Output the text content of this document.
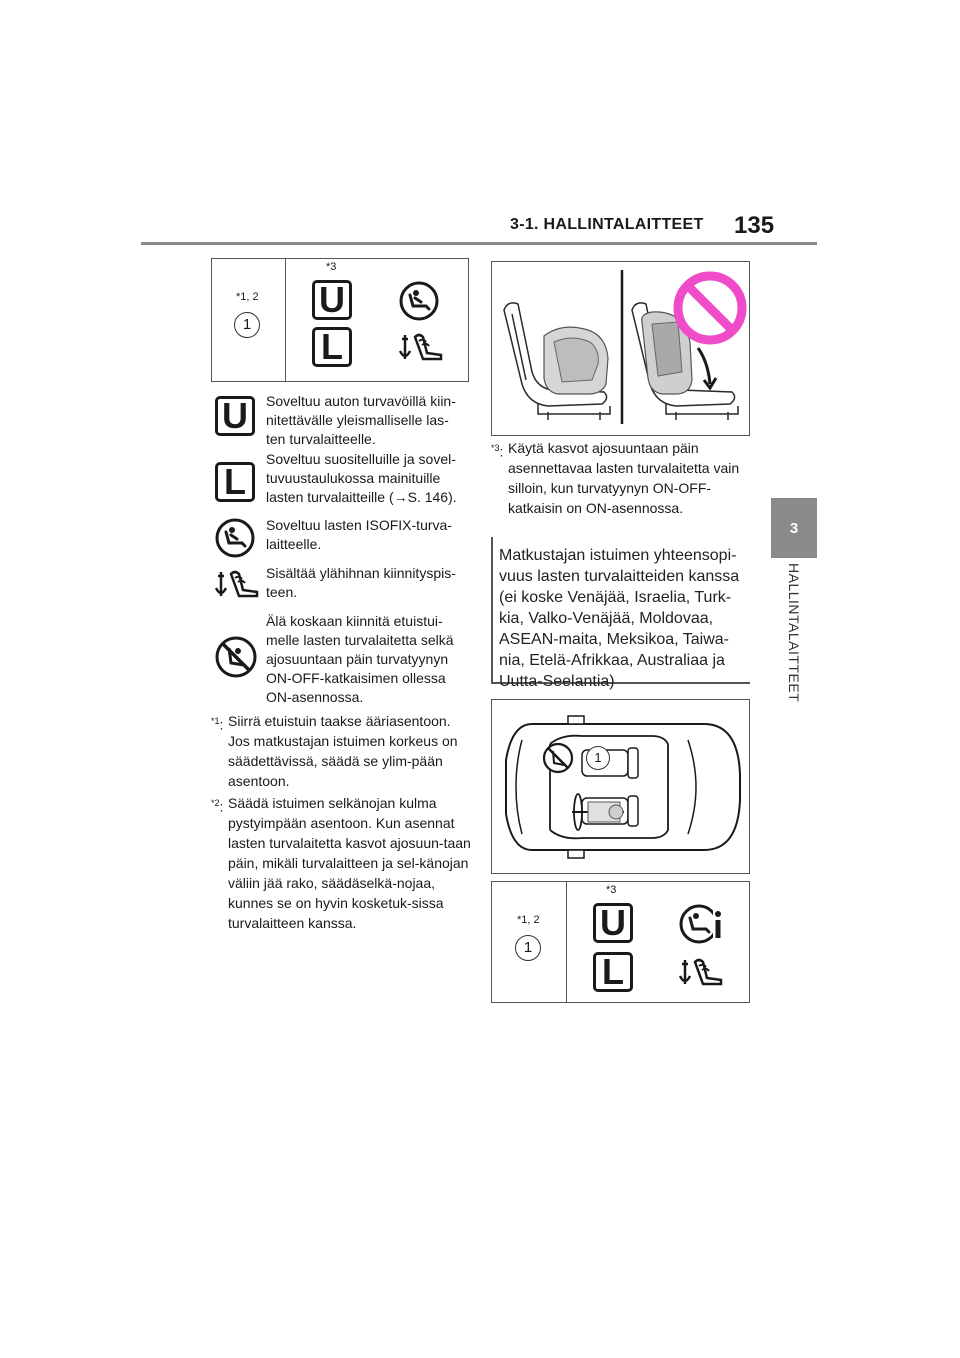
3-1. HALLINTALAITTEET 135
3
HALLINTALAITTEET
*1, 2
1
*3
U
L
U	Soveltuu auton turvavöillä kiin-nitettävälle yleismalliselle las-ten turvalaitteelle.
L
Soveltuu suositelluille ja sovel-tuvuustaulukossa mainituille lasten turvalaitteille (→S. 146).
Soveltuu lasten ISOFIX-turva-laitteelle.
Sisältää ylähihnan kiinnityspis-teen.
Älä koskaan kiinnitä etuistui-melle lasten turvalaitetta selkä ajosuuntaan päin turvatyynyn ON-OFF-katkaisimen ollessa ON-asennossa.
$^{*1}$: Siirrä etuistuin taakse ääriasentoon. Jos matkustajan istuimen korkeus on säädettävissä, säädä se ylim-pään asentoon.
$^{*2}$: Säädä istuimen selkänojan kulma pystyimpään asentoon. Kun asennat lasten turvalaitetta kasvot ajosuun-taan päin, mikäli turvalaitteen ja sel-känojan väliin jää rako, säädäselkä-nojaa, kunnes se on hyvin kosketuk-sissa turvalaitteen kanssa.
$^{*3}$: Käytä kasvot ajosuuntaan päin asennettavaa lasten turvalaitetta vain silloin, kun turvatyynyn ON-OFF-katkaisin on ON-asennossa.
Matkustajan istuimen yhteensopi-vuus lasten turvalaitteiden kanssa (ei koske Venäjää, Israelia, Turk-kia, Valko-Venäjää, Moldovaa, ASEAN-maita, Meksikoa, Taiwa-nia, Etelä-Afrikkaa, Australiaa ja Uutta-Seelantia)
1
*1, 2
1
*3
U
L
